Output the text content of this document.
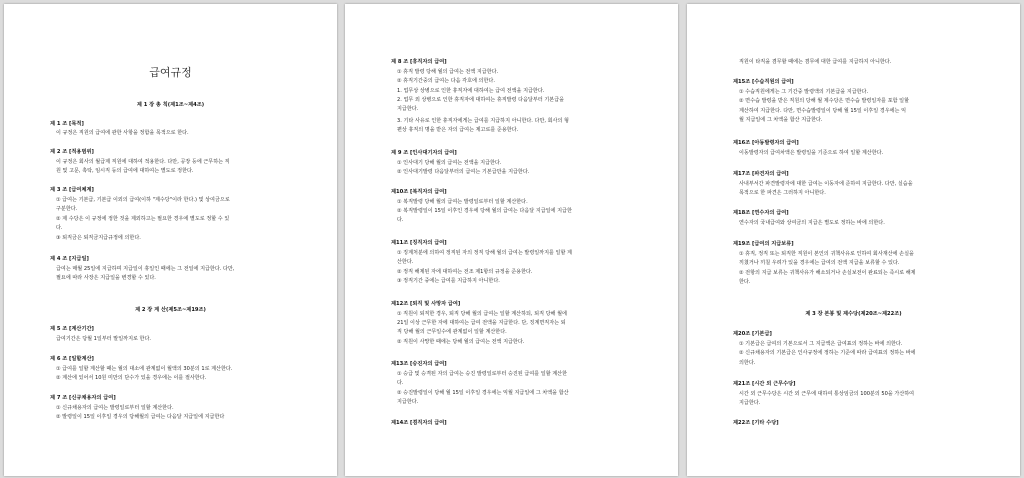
급여규정
제 1 장 총 칙(제1조~제4조)
제 1 조 [목적]
이 규정은 직원의 급여에 관한 사항을 정함을 목적으로 한다.
제 2 조 [적용범위]
이 규정은 회사의 월급제 직원에 대하여 적용한다. 다만, 공장 등에 근무하는 직
원 및 고문, 촉탁, 임시직 등의 급여에 대하여는 별도로 정한다.
제 3 조 [급여체계]
① 급여는 기본급, 기본급 이외의 급여(이하 "제수당"이라 한다.) 및 상여금으로
구분한다.
② 제 수당은 이 규정에 정한 것을 제외하고는 필요한 경우에 별도로 정할 수 있
다.
③ 퇴직금은 퇴직금지급규정에 의한다.
제 4 조 [지급일]
급여는 매월 25일에 지급하며 지급일이 휴일인 때에는 그 전일에 지급한다. 다만,
필요에 따라 사장은 지급일을 변경할 수 있다.
제 2 장 계 산(제5조~제19조)
제 5 조 [계산기간]
급여기간은 당월 1일부터 말일까지로 한다.
제 6 조 [일할계산]
① 급여를 일할 계산할 때는 월의 대소에 관계없이 월액의 30분의 1로 계산한다.
② 계산에 있어서 10원 미만의 단수가 있을 경우에는 이를 절사한다.
제 7 조 [신규채용자의 급여]
① 신규채용자의 급여는 발령일로부터 일할 계산한다.
② 발령일이 15일 이후일 경우의 당해월의 급여는 다음달 지급일에 지급한다
제 8 조 [휴직자의 급여]
① 휴직 발령 당해 월의 급여는 전액 지급한다.
② 휴직기간중의 급여는 다음 각호에 의한다.
1. 업무상 상병으로 인한 휴직자에 대하여는 급여 전액을 지급한다.
2. 업무 외 상병으로 인한 휴직자에 대하여는 휴직발령 다음달부터 기본급을
지급한다.
3. 기타 사유로 인한 휴직자에게는 급여를 지급하지 아니한다. 다만, 회사의 형
편상 휴직의 명을 받은 자의 급여는 제고로를 준용한다.
제 9 조 [인사대기자의 급여]
① 인사대기 당해 월의 급여는 전액을 지급한다.
② 인사대기발령 다음달부터의 급여는 기본급만을 지급한다.
제10조 [복직자의 급여]
① 복직발령 당해 월의 급여는 발령일로부터 일할 계산한다.
② 복직발령일이 15일 이후인 경우에 당해 월의 급여는 다음달 지급일에 지급한
다.
제11조 [징직자의 급여]
① 징계처분에 의하여 정직된 자의 정직 당해 월의 급여는 발령일까지를 일할 계
산한다.
② 정직 해제된 자에 대하여는 전조 제1항의 규정을 준용한다.
③ 정직기간 중에는 급여를 지급하지 아니한다.
제12조 [퇴직 및 사망자 급여]
① 직원이 퇴직한 경우, 퇴직 당해 월의 급여는 일할 계산하되, 퇴직 당해 월에
21일 이상 근무한 자에 대하여는 급여 전액을 지급한다. 단, 징계면직자는 퇴
직 당해 월의 근무일수에 관계없이 일할 계산한다.
② 직원이 사망한 때에는 당해 월의 급여는 전액 지급한다.
제13조 [승진자의 급여]
① 승급 및 승격된 자의 급여는 승진 발령일로부터 승진된 급여를 일할 계산한
다.
② 승진발령일이 당해 월 15일 이후일 경우에는 익월 지급일에 그 차액을 합산
지급한다.
제14조 [겸직자의 급여]
직원이 타직을 겸무할 때에는 겸무에 대한 급여를 지급하지 아니한다.
제15조 [수습직원의 급여]
① 수습직원에게는 그 기간중 발령액의 기본급을 지급한다.
② 면수습 발령을 받은 직원의 당해 월 제수당은 면수습 발령일자를 포함 일할
계산하여 지급한다. 다만, 면수습발령일이 당해 월 15일 이후일 경우에는 익
월 지급일에 그 차액을 합산 지급한다.
제16조 [아동발령자의 급여]
이동발령자의 급여차액은 발령일을 기준으로 하여 일할 계산한다.
제17조 [파견자의 급여]
사내부서간 파견발령자에 대한 급여는 이동자에 준하여 지급한다. 다만, 실습을
목적으로 한 파견은 그러하지 아니한다.
제18조 [연수자의 급여]
연수자의 국내급여와 상여금의 지급은 별도로 정하는 바에 의한다.
제19조 [급여의 지급보류]
① 휴직, 정직 또는 퇴직한 직원이 본인의 귀책사유로 인하여 회사재산에 손실을
끼쳤거나 끼칠 우려가 있을 경우에는 급여의 전액 지급을 보류할 수 있다.
② 전항의 지급 보류는 귀책사유가 해소되거나 손실보전이 완료되는 즉시로 해제
한다.
제 3 장 본봉 및 제수당(제20조~제22조)
제20조 [기본급]
① 기본급은 급여의 기본으로서 그 지급액은 급여표의 정하는 바에 의한다.
② 신규채용자의 기본급은 인사규정에 정하는 기준에 따라 급여표의 정하는 바에
의한다.
제21조 [시간 외 근무수당]
시간 외 근무수당은 시간 외 근무에 대하여 통상임금의 100분의 50을 가산하여
지급한다.
제22조 [기타 수당]
